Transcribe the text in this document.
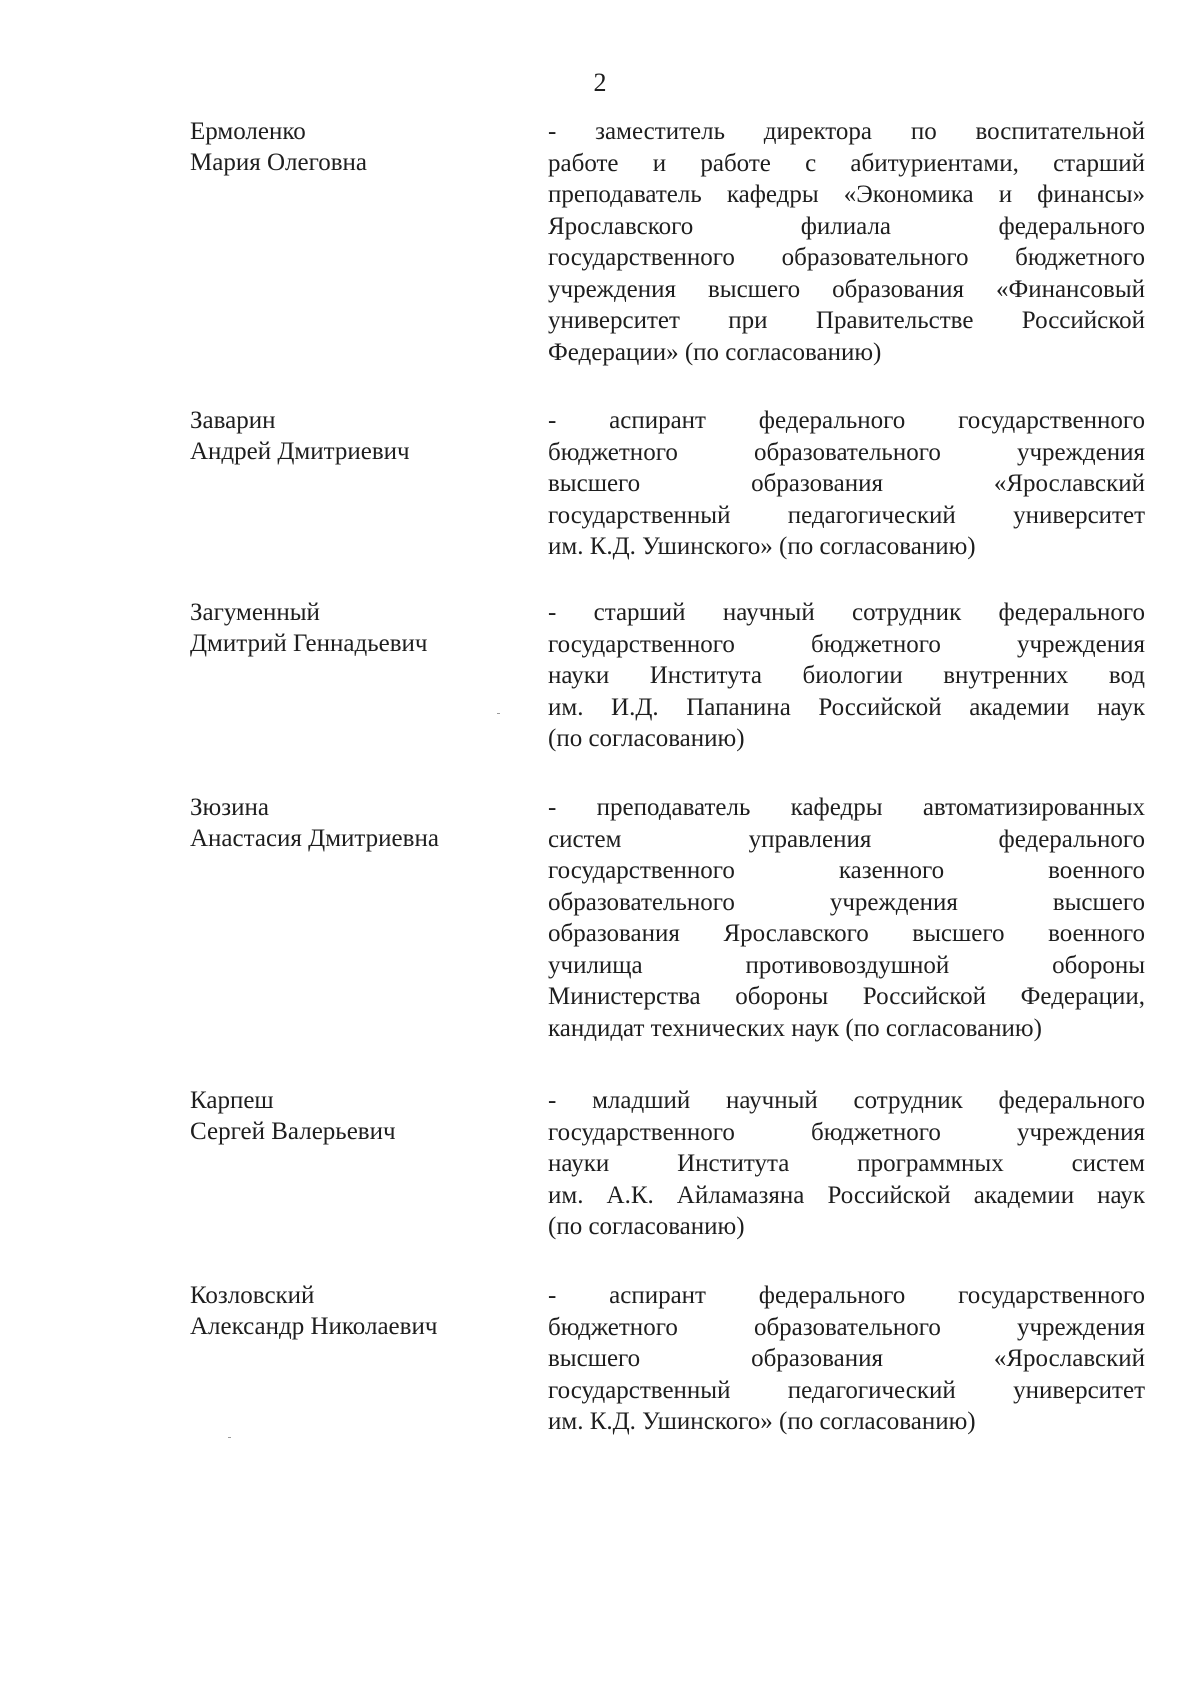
2
Ермоленко
Мария Олеговна
- заместитель директора по воспитательной
работе и работе с абитуриентами, старший
преподаватель кафедры «Экономика и финансы»
Ярославского филиала федерального
государственного образовательного бюджетного
учреждения высшего образования «Финансовый
университет при Правительстве Российской
Федерации» (по согласованию)
Заварин
Андрей Дмитриевич
- аспирант федерального государственного
бюджетного образовательного учреждения
высшего образования «Ярославский
государственный педагогический университет
им. К.Д. Ушинского» (по согласованию)
Загуменный
Дмитрий Геннадьевич
- старший научный сотрудник федерального
государственного бюджетного учреждения
науки Института биологии внутренних вод
им. И.Д. Папанина Российской академии наук
(по согласованию)
Зюзина
Анастасия Дмитриевна
- преподаватель кафедры автоматизированных
систем управления федерального
государственного казенного военного
образовательного учреждения высшего
образования Ярославского высшего военного
училища противовоздушной обороны
Министерства обороны Российской Федерации,
кандидат технических наук (по согласованию)
Карпеш
Сергей Валерьевич
- младший научный сотрудник федерального
государственного бюджетного учреждения
науки Института программных систем
им. А.К. Айламазяна Российской академии наук
(по согласованию)
Козловский
Александр Николаевич
- аспирант федерального государственного
бюджетного образовательного учреждения
высшего образования «Ярославский
государственный педагогический университет
им. К.Д. Ушинского» (по согласованию)
